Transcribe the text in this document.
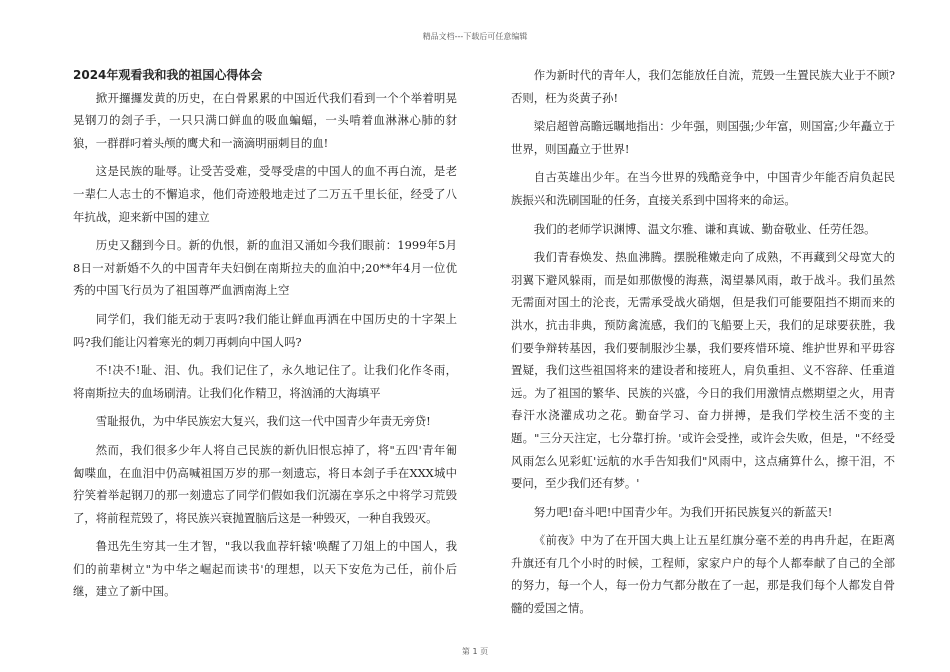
精品文档---下载后可任意编辑
2024年观看我和我的祖国心得体会

掀开攞攞发黄的历史，在白骨累累的中国近代我们看到一个个举着明晃晃钢刀的刽子手，一只只满口鲜血的吸血蝙蝠，一头啃着血淋淋心肺的豺狼，一群群叼着头颅的鹰犬和一滴滴明丽刺目的血!

这是民族的耻辱。让受苦受难，受辱受虐的中国人的血不再白流，是老一辈仁人志士的不懈追求，他们奇迹般地走过了二万五千里长征，经受了八年抗战，迎来新中国的建立

历史又翻到今日。新的仇恨，新的血泪又涌如今我们眼前：1999年5月8日一对新婚不久的中国青年夫妇倒在南斯拉夫的血泊中;20**年4月一位优秀的中国飞行员为了祖国尊严血洒南海上空

同学们，我们能无动于衷吗?我们能让鲜血再洒在中国历史的十字架上吗?我们能让闪着寒光的刺刀再刺向中国人吗?

不!决不!耻、泪、仇。我们记住了，永久地记住了。让我们化作冬雨，将南斯拉夫的血场刷清。让我们化作精卫，将汹涌的大海填平

雪耻报仇，为中华民族宏大复兴，我们这一代中国青少年责无旁贷!

然而，我们很多少年人将自己民族的新仇旧恨忘掉了，将"五四'青年匍匐喋血，在血泪中仍高喊祖国万岁的那一刻遗忘，将日本刽子手在XXX城中狞笑着举起钢刀的那一刻遗忘了同学们假如我们沉溺在享乐之中将学习荒毁了，将前程荒毁了，将民族兴衰抛置脑后这是一种毁灭，一种自我毁灭。

鲁迅先生穷其一生才智，"我以我血荐轩辕'唤醒了刀俎上的中国人，我们的前辈树立"为中华之崛起而读书'的理想，以天下安危为己任，前仆后继，建立了新中国。

作为新时代的青年人，我们怎能放任自流，荒毁一生置民族大业于不顾?否则，枉为炎黄子孙!

梁启超曾高瞻远瞩地指出：少年强，则国强;少年富，则国富;少年矗立于世界，则国矗立于世界!

自古英雄出少年。在当今世界的残酷竞争中，中国青少年能否肩负起民族振兴和洗刷国耻的任务，直接关系到中国将来的命运。

我们的老师学识渊博、温文尔雅、谦和真诚、勤奋敬业、任劳任怨。

我们青春焕发、热血沸腾。摆脱稚嫩走向了成熟，不再藏到父母宽大的羽翼下避风躲雨，而是如那傲慢的海燕，渴望暴风雨，敢于战斗。我们虽然无需面对国土的沦丧，无需承受战火硝烟，但是我们可能要阻挡不期而来的洪水，抗击非典，预防禽流感，我们的飞船要上天，我们的足球要获胜，我们要争辩转基因，我们要制服沙尘暴，我们要疼惜环境、维护世界和平毋容置疑，我们这些祖国将来的建设者和接班人，肩负重担、义不容辞、任重道远。为了祖国的繁华、民族的兴盛，今日的我们用激情点燃期望之火，用青春汗水浇灌成功之花。勤奋学习、奋力拼搏，是我们学校生活不变的主题。"三分天注定，七分靠打拚。'或许会受挫，或许会失败，但是，"不经受风雨怎么见彩虹'远航的水手告知我们"风雨中，这点痛算什么，擦干泪，不要问，至少我们还有梦。'

努力吧!奋斗吧!中国青少年。为我们开拓民族复兴的新蓝天!

《前夜》中为了在开国大典上让五星红旗分毫不差的冉冉升起，在距离升旗还有几个小时的时候，工程师，家家户户的每个人都奉献了自己的全部的努力，每一个人，每一份力气都分散在了一起，那是我们每个人都发自骨髓的爱国之情。

第 1 页
